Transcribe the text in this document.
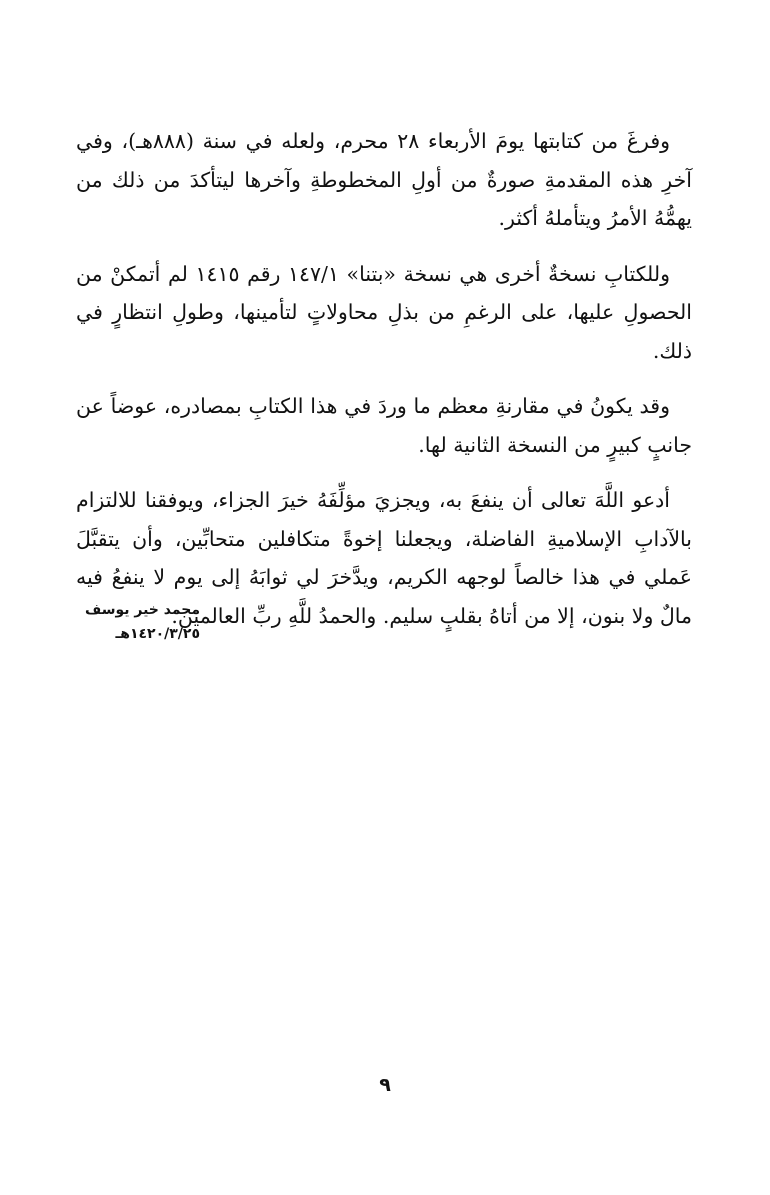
وفرغَ من كتابتها يومَ الأربعاء ٢٨ محرم، ولعله في سنة (٨٨٨هـ)، وفي آخرِ هذه المقدمةِ صورةٌ من أولِ المخطوطةِ وآخرها ليتأكدَ من ذلك من يهمُّهُ الأمرُ ويتأملهُ أكثر.

وللكتابِ نسخةٌ أخرى هي نسخة «بتنا» ١٤٧/١ رقم ١٤١٥ لم أتمكنْ من الحصولِ عليها، على الرغمِ من بذلِ محاولاتٍ لتأمينها، وطولِ انتظارٍ في ذلك.

وقد يكونُ في مقارنةِ معظم ما وردَ في هذا الكتابِ بمصادره، عوضاً عن جانبٍ كبيرٍ من النسخة الثانية لها.

أدعو اللَّهَ تعالى أن ينفعَ به، ويجزيَ مؤلِّفَهُ خيرَ الجزاء، ويوفقنا للالتزام بالآدابِ الإسلاميةِ الفاضلة، ويجعلنا إخوةً متكافلين متحابِّين، وأن يتقبَّلَ عَملي في هذا خالصاً لوجهه الكريم، ويدَّخرَ لي ثوابَهُ إلى يوم لا ينفعُ فيه مالٌ ولا بنون، إلا من أتاهُ بقلبٍ سليم. والحمدُ للَّهِ ربِّ العالمين.

محمد خير يوسف
١٤٢٠/٣/٢٥هـ
٩
